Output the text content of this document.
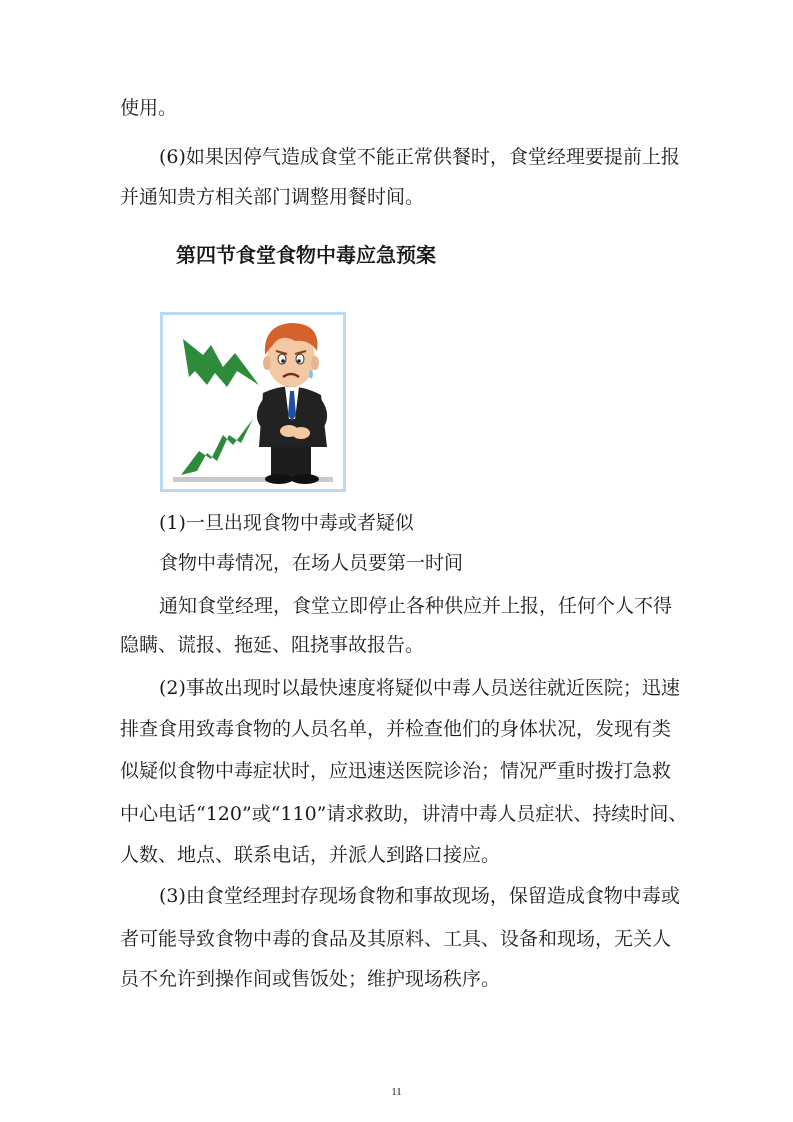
使用。
(6)如果因停气造成食堂不能正常供餐时，食堂经理要提前上报
并通知贵方相关部门调整用餐时间。
第四节食堂食物中毒应急预案
(1)一旦出现食物中毒或者疑似
食物中毒情况，在场人员要第一时间
通知食堂经理，食堂立即停止各种供应并上报，任何个人不得
隐瞒、谎报、拖延、阻挠事故报告。
(2)事故出现时以最快速度将疑似中毒人员送往就近医院；迅速
排查食用致毒食物的人员名单，并检查他们的身体状况，发现有类
似疑似食物中毒症状时，应迅速送医院诊治；情况严重时拨打急救
中心电话“120”或“110”请求救助，讲清中毒人员症状、持续时间、
人数、地点、联系电话，并派人到路口接应。
(3)由食堂经理封存现场食物和事故现场，保留造成食物中毒或
者可能导致食物中毒的食品及其原料、工具、设备和现场，无关人
员不允许到操作间或售饭处；维护现场秩序。
11
